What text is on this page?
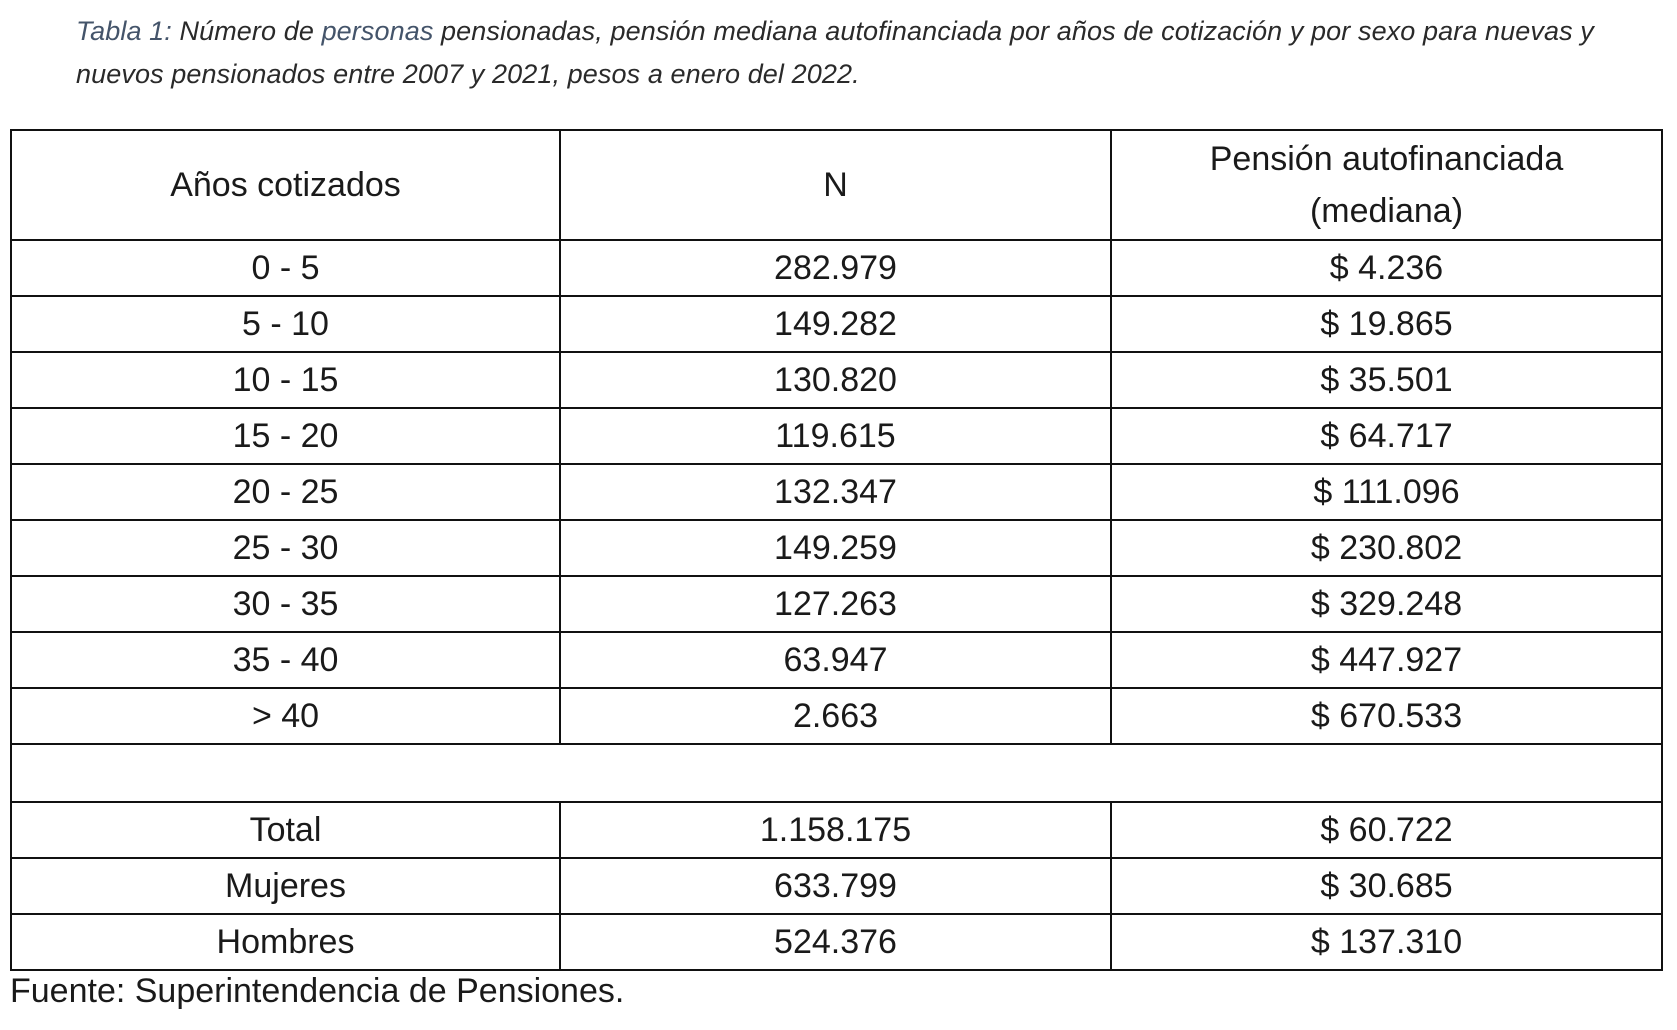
Tabla 1: Número de personas pensionadas, pensión mediana autofinanciada por años de cotización y por sexo para nuevas y nuevos pensionados entre 2007 y 2021, pesos a enero del 2022.
Años cotizados	N	Pensión autofinanciada
(mediana)

0 - 5	282.979	$ 4.236
5 - 10	149.282	$ 19.865
10 - 15	130.820	$ 35.501
15 - 20	119.615	$ 64.717
20 - 25	132.347	$ 111.096
25 - 30	149.259	$ 230.802
30 - 35	127.263	$ 329.248
35 - 40	63.947	$ 447.927
> 40	2.663	$ 670.533

Total	1.158.175	$ 60.722
Mujeres	633.799	$ 30.685
Hombres	524.376	$ 137.310
Fuente: Superintendencia de Pensiones.
